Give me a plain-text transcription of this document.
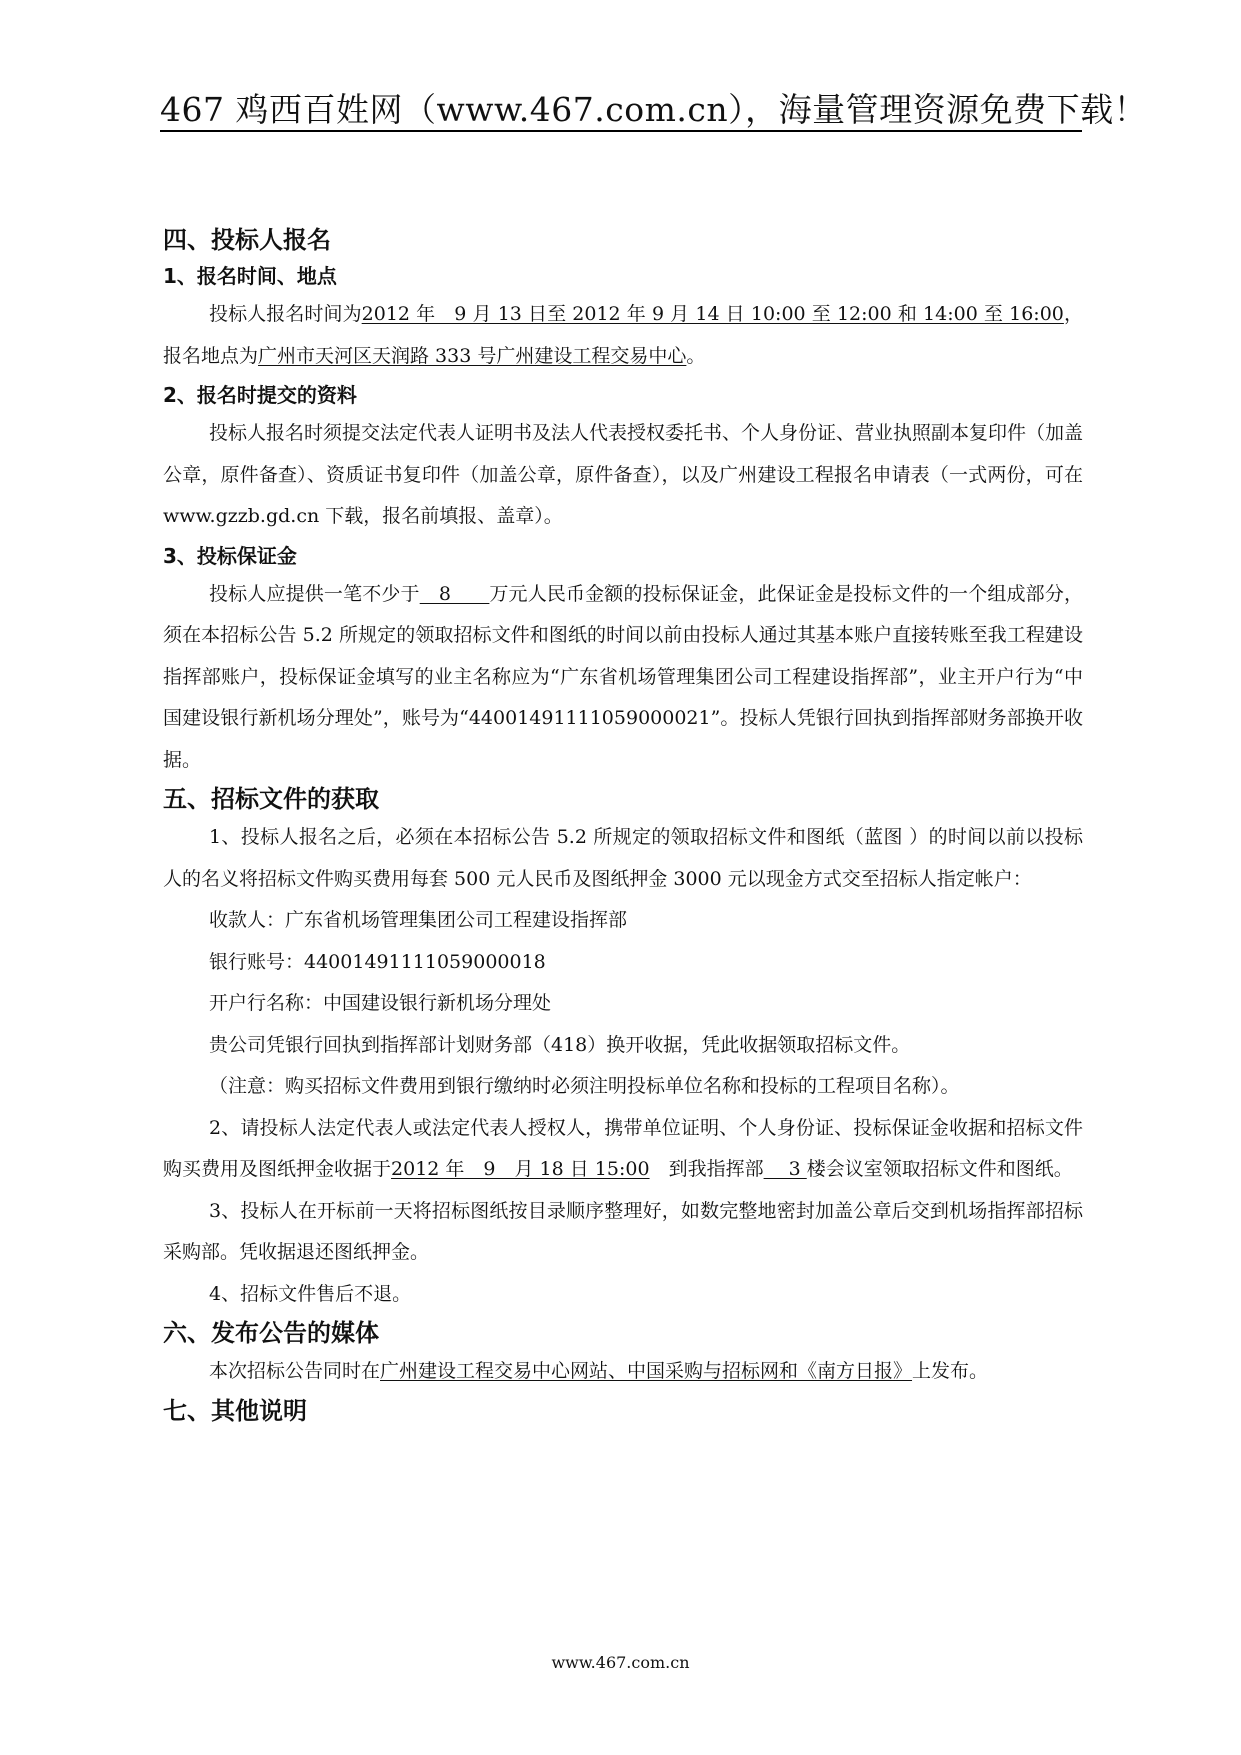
467 鸡西百姓网（www.467.com.cn），海量管理资源免费下载！

四、投标人报名

1、报名时间、地点

投标人报名时间为2012 年　9 月 13 日至 2012 年 9 月 14 日 10:00 至 12:00 和 14:00 至 16:00，报名地点为广州市天河区天润路 333 号广州建设工程交易中心。

2、报名时提交的资料

投标人报名时须提交法定代表人证明书及法人代表授权委托书、个人身份证、营业执照副本复印件（加盖公章，原件备查）、资质证书复印件（加盖公章，原件备查），以及广州建设工程报名申请表（一式两份，可在 www.gzzb.gd.cn 下载，报名前填报、盖章）。

3、投标保证金

投标人应提供一笔不少于　8　　万元人民币金额的投标保证金，此保证金是投标文件的一个组成部分，须在本招标公告 5.2 所规定的领取招标文件和图纸的时间以前由投标人通过其基本账户直接转账至我工程建设指挥部账户，投标保证金填写的业主名称应为“广东省机场管理集团公司工程建设指挥部”，业主开户行为“中国建设银行新机场分理处”，账号为“44001491111059000021”。投标人凭银行回执到指挥部财务部换开收据。

五、招标文件的获取

1、投标人报名之后，必须在本招标公告 5.2 所规定的领取招标文件和图纸（蓝图 ）的时间以前以投标人的名义将招标文件购买费用每套 500 元人民币及图纸押金 3000 元以现金方式交至招标人指定帐户：

收款人：广东省机场管理集团公司工程建设指挥部

银行账号：44001491111059000018

开户行名称：中国建设银行新机场分理处

贵公司凭银行回执到指挥部计划财务部（418）换开收据，凭此收据领取招标文件。

（注意：购买招标文件费用到银行缴纳时必须注明投标单位名称和投标的工程项目名称）。

2、请投标人法定代表人或法定代表人授权人，携带单位证明、个人身份证、投标保证金收据和招标文件购买费用及图纸押金收据于2012 年　9　月 18 日 15:00　到我指挥部　 3 楼会议室领取招标文件和图纸。

3、投标人在开标前一天将招标图纸按目录顺序整理好，如数完整地密封加盖公章后交到机场指挥部招标采购部。凭收据退还图纸押金。

4、招标文件售后不退。

六、发布公告的媒体

本次招标公告同时在广州建设工程交易中心网站、中国采购与招标网和《南方日报》上发布。

七、其他说明

www.467.com.cn
